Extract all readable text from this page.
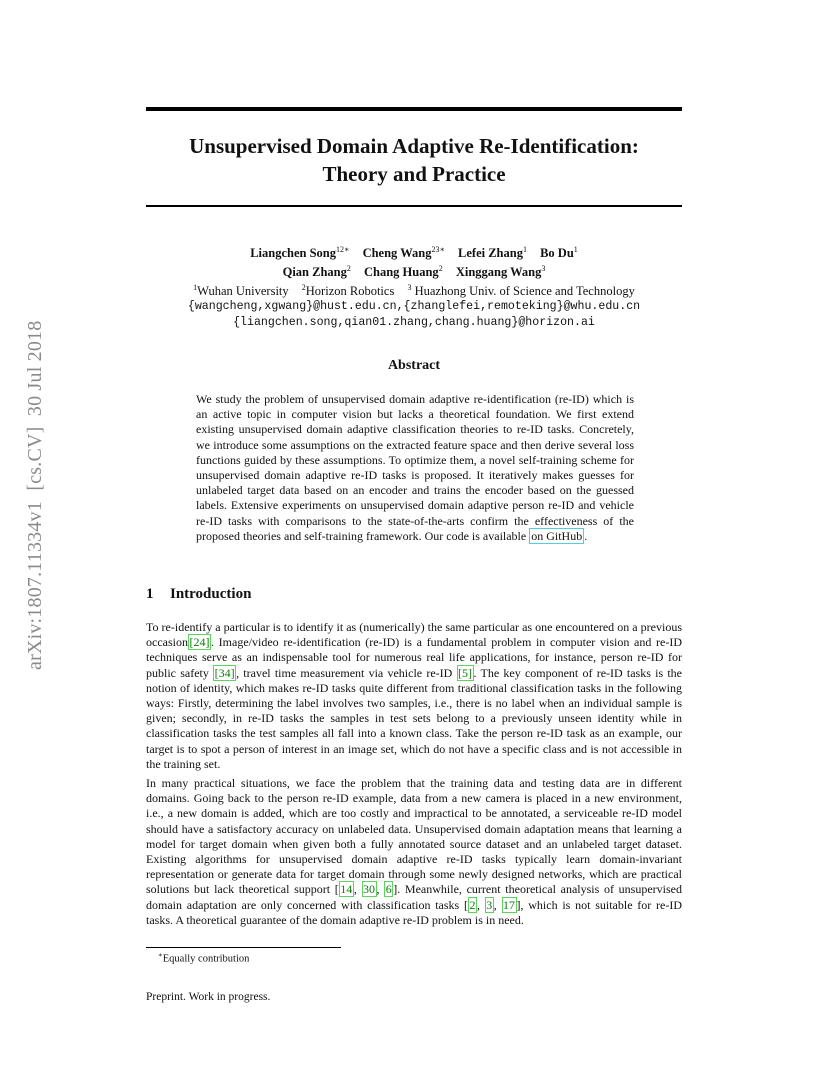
arXiv:1807.11334v1  [cs.CV]  30 Jul 2018
Unsupervised Domain Adaptive Re-Identification:
Theory and Practice
Liangchen Song$^{12∗}$ Cheng Wang$^{23∗}$ Lefei Zhang$^1$ Bo Du$^1$
Qian Zhang$^2$ Chang Huang$^2$ Xinggang Wang$^3$
$^1$Wuhan University $^2$Horizon Robotics $^3$ Huazhong Univ. of Science and Technology
{wangcheng,xgwang}@hust.edu.cn,{zhanglefei,remoteking}@whu.edu.cn
{liangchen.song,qian01.zhang,chang.huang}@horizon.ai
Abstract
We study the problem of unsupervised domain adaptive re-identification (re-ID) which is an active topic in computer vision but lacks a theoretical foundation. We first extend existing unsupervised domain adaptive classification theories to re-ID tasks. Concretely, we introduce some assumptions on the extracted feature space and then derive several loss functions guided by these assumptions. To optimize them, a novel self-training scheme for unsupervised domain adaptive re-ID tasks is proposed. It iteratively makes guesses for unlabeled target data based on an encoder and trains the encoder based on the guessed labels. Extensive experiments on unsupervised domain adaptive person re-ID and vehicle re-ID tasks with comparisons to the state-of-the-arts confirm the effectiveness of the proposed theories and self-training framework. Our code is available on GitHub .
1 Introduction
To re-identify a particular is to identify it as (numerically) the same particular as one encountered on a previous occasion [24] . Image/video re-identification (re-ID) is a fundamental problem in computer vision and re-ID techniques serve as an indispensable tool for numerous real life applications, for instance, person re-ID for public safety [34] , travel time measurement via vehicle re-ID [5] . The key component of re-ID tasks is the notion of identity, which makes re-ID tasks quite different from traditional classification tasks in the following ways: Firstly, determining the label involves two samples, i.e., there is no label when an individual sample is given; secondly, in re-ID tasks the samples in test sets belong to a previously unseen identity while in classification tasks the test samples all fall into a known class. Take the person re-ID task as an example, our target is to spot a person of interest in an image set, which do not have a specific class and is not accessible in the training set.
In many practical situations, we face the problem that the training data and testing data are in different domains. Going back to the person re-ID example, data from a new camera is placed in a new environment, i.e., a new domain is added, which are too costly and impractical to be annotated, a serviceable re-ID model should have a satisfactory accuracy on unlabeled data. Unsupervised domain adaptation means that learning a model for target domain when given both a fully annotated source dataset and an unlabeled target dataset. Existing algorithms for unsupervised domain adaptive re-ID tasks typically learn domain-invariant representation or generate data for target domain through some newly designed networks, which are practical solutions but lack theoretical support [ 14 , 30 , 6 ]. Meanwhile, current theoretical analysis of unsupervised domain adaptation are only concerned with classification tasks [ 2 , 3 , 17 ], which is not suitable for re-ID tasks. A theoretical guarantee of the domain adaptive re-ID problem is in need.
∗Equally contribution
Preprint. Work in progress.
